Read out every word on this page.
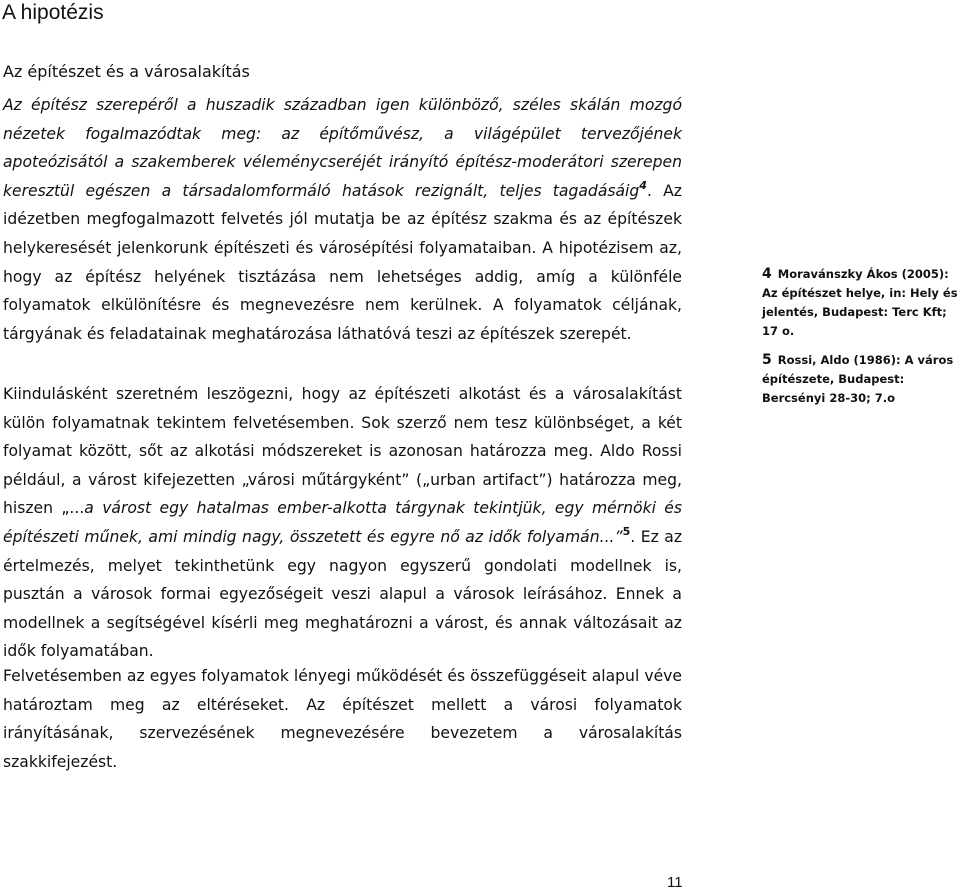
A hipotézis
Az építészet és a városalakítás

Az építész szerepéről a huszadik században igen különböző, széles skálán mozgó nézetek fogalmazódtak meg: az építőművész, a világépület tervezőjének apoteózisától a szakemberek véleménycseréjét irányító építész-moderátori szerepen keresztül egészen a társadalomformáló hatások rezignált, teljes tagadásáig$^4$. Az idézetben megfogalmazott felvetés jól mutatja be az építész szakma és az építészek helykeresését jelenkorunk építészeti és városépítési folyamataiban. A hipotézisem az, hogy az építész helyének tisztázása nem lehetséges addig, amíg a különféle folyamatok elkülönítésre és megnevezésre nem kerülnek. A folyamatok céljának, tárgyának és feladatainak meghatározása láthatóvá teszi az építészek szerepét.

Kiindulásként szeretném leszögezni, hogy az építészeti alkotást és a városalakítást külön folyamatnak tekintem felvetésemben. Sok szerző nem tesz különbséget, a két folyamat között, sőt az alkotási módszereket is azonosan határozza meg. Aldo Rossi például, a várost kifejezetten „városi műtárgyként” („urban artifact”) határozza meg, hiszen „...a várost egy hatalmas ember-alkotta tárgynak tekintjük, egy mérnöki és építészeti műnek, ami mindig nagy, összetett és egyre nő az idők folyamán...”$^5$. Ez az értelmezés, melyet tekinthetünk egy nagyon egyszerű gondolati modellnek is, pusztán a városok formai egyezőségeit veszi alapul a városok leírásához. Ennek a modellnek a segítségével kísérli meg meghatározni a várost, és annak változásait az idők folyamatában.

Felvetésemben az egyes folyamatok lényegi működését és összefüggéseit alapul véve határoztam meg az eltéréseket. Az építészet mellett a városi folyamatok irányításának, szervezésének megnevezésére bevezetem a városalakítás szakkifejezést.

4 Moravánszky Ákos (2005): Az építészet helye, in: Hely és jelentés, Budapest: Terc Kft; 17 o.

5 Rossi, Aldo (1986): A város építészete, Budapest: Bercsényi 28-30; 7.o

11
